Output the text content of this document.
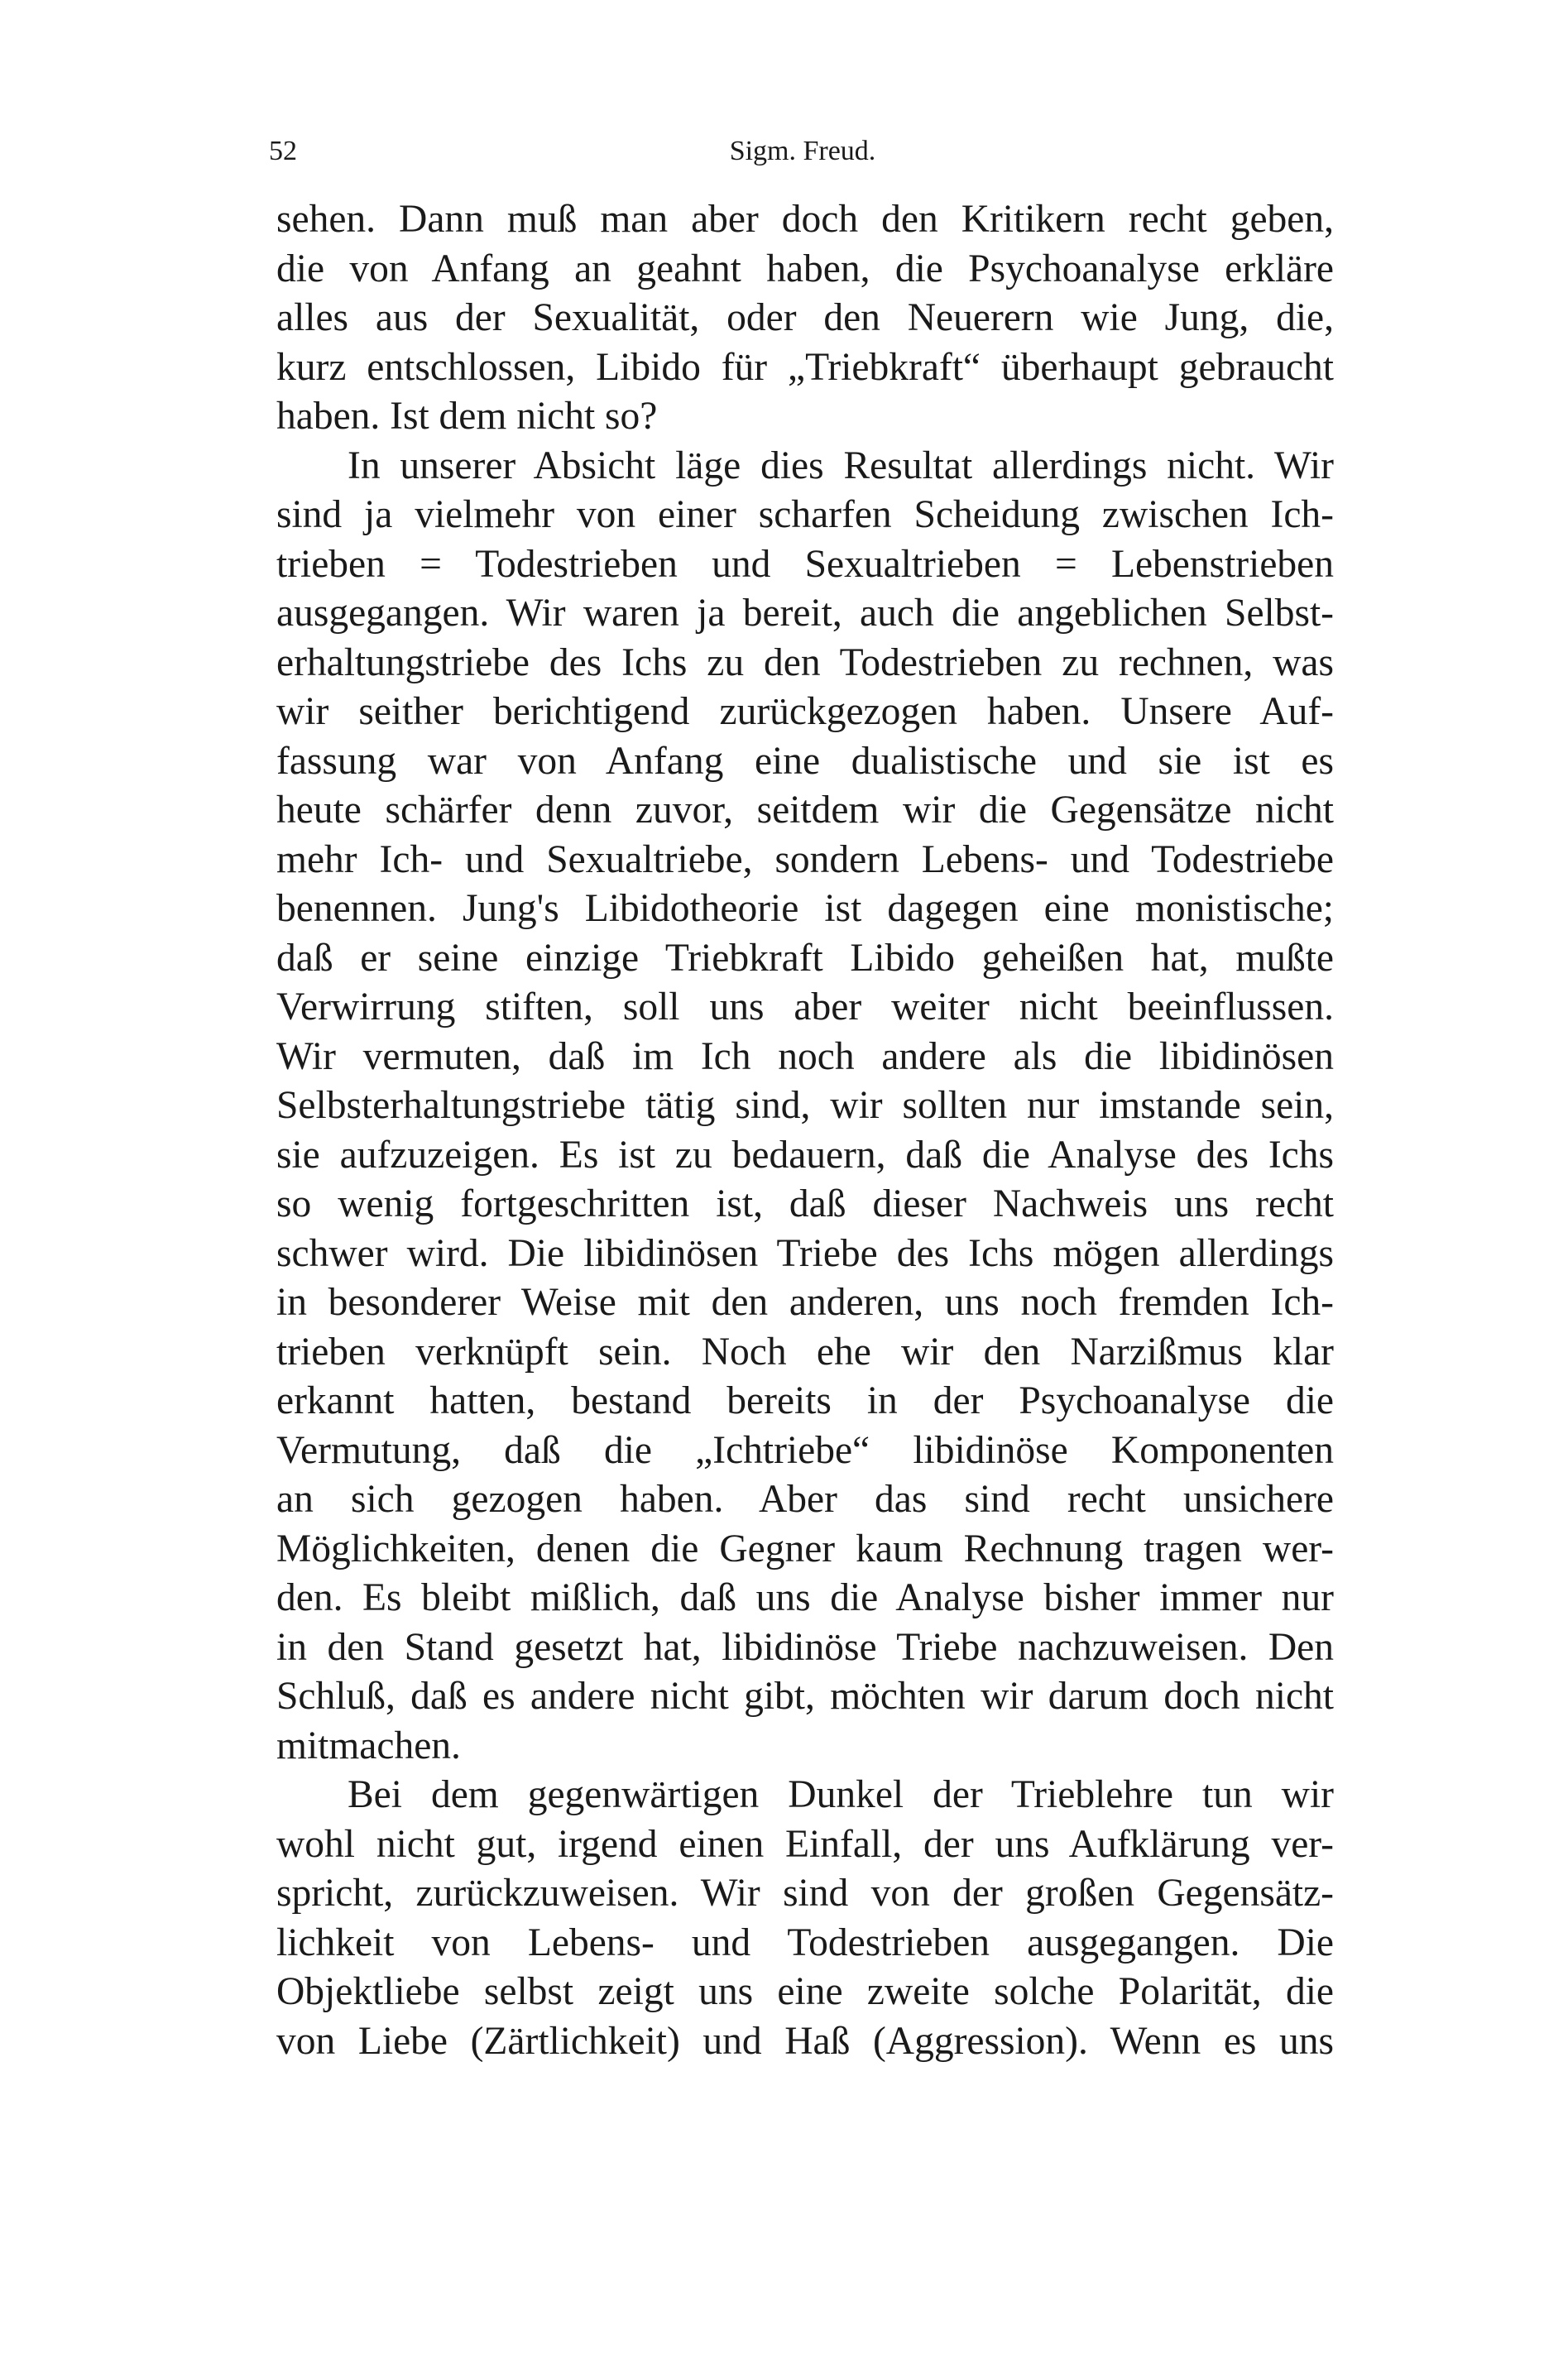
52	Sigm. Freud.
sehen. Dann muß man aber doch den Kritikern recht geben,
die von Anfang an geahnt haben, die Psychoanalyse erkläre
alles aus der Sexualität, oder den Neuerern wie Jung, die,
kurz entschlossen, Libido für „Triebkraft“ überhaupt gebraucht
haben. Ist dem nicht so?
In unserer Absicht läge dies Resultat allerdings nicht. Wir
sind ja vielmehr von einer scharfen Scheidung zwischen Ich-
trieben = Todestrieben und Sexualtrieben = Lebenstrieben
ausgegangen. Wir waren ja bereit, auch die angeblichen Selbst-
erhaltungstriebe des Ichs zu den Todestrieben zu rechnen, was
wir seither berichtigend zurückgezogen haben. Unsere Auf-
fassung war von Anfang eine dualistische und sie ist es
heute schärfer denn zuvor, seitdem wir die Gegensätze nicht
mehr Ich- und Sexualtriebe, sondern Lebens- und Todestriebe
benennen. Jung's Libidotheorie ist dagegen eine monistische;
daß er seine einzige Triebkraft Libido geheißen hat, mußte
Verwirrung stiften, soll uns aber weiter nicht beeinflussen.
Wir vermuten, daß im Ich noch andere als die libidinösen
Selbsterhaltungstriebe tätig sind, wir sollten nur imstande sein,
sie aufzuzeigen. Es ist zu bedauern, daß die Analyse des Ichs
so wenig fortgeschritten ist, daß dieser Nachweis uns recht
schwer wird. Die libidinösen Triebe des Ichs mögen allerdings
in besonderer Weise mit den anderen, uns noch fremden Ich-
trieben verknüpft sein. Noch ehe wir den Narzißmus klar
erkannt hatten, bestand bereits in der Psychoanalyse die
Vermutung, daß die „Ichtriebe“ libidinöse Komponenten
an sich gezogen haben. Aber das sind recht unsichere
Möglichkeiten, denen die Gegner kaum Rechnung tragen wer-
den. Es bleibt mißlich, daß uns die Analyse bisher immer nur
in den Stand gesetzt hat, libidinöse Triebe nachzuweisen. Den
Schluß, daß es andere nicht gibt, möchten wir darum doch nicht
mitmachen.
Bei dem gegenwärtigen Dunkel der Trieblehre tun wir
wohl nicht gut, irgend einen Einfall, der uns Aufklärung ver-
spricht, zurückzuweisen. Wir sind von der großen Gegensätz-
lichkeit von Lebens- und Todestrieben ausgegangen. Die
Objektliebe selbst zeigt uns eine zweite solche Polarität, die
von Liebe (Zärtlichkeit) und Haß (Aggression). Wenn es uns
